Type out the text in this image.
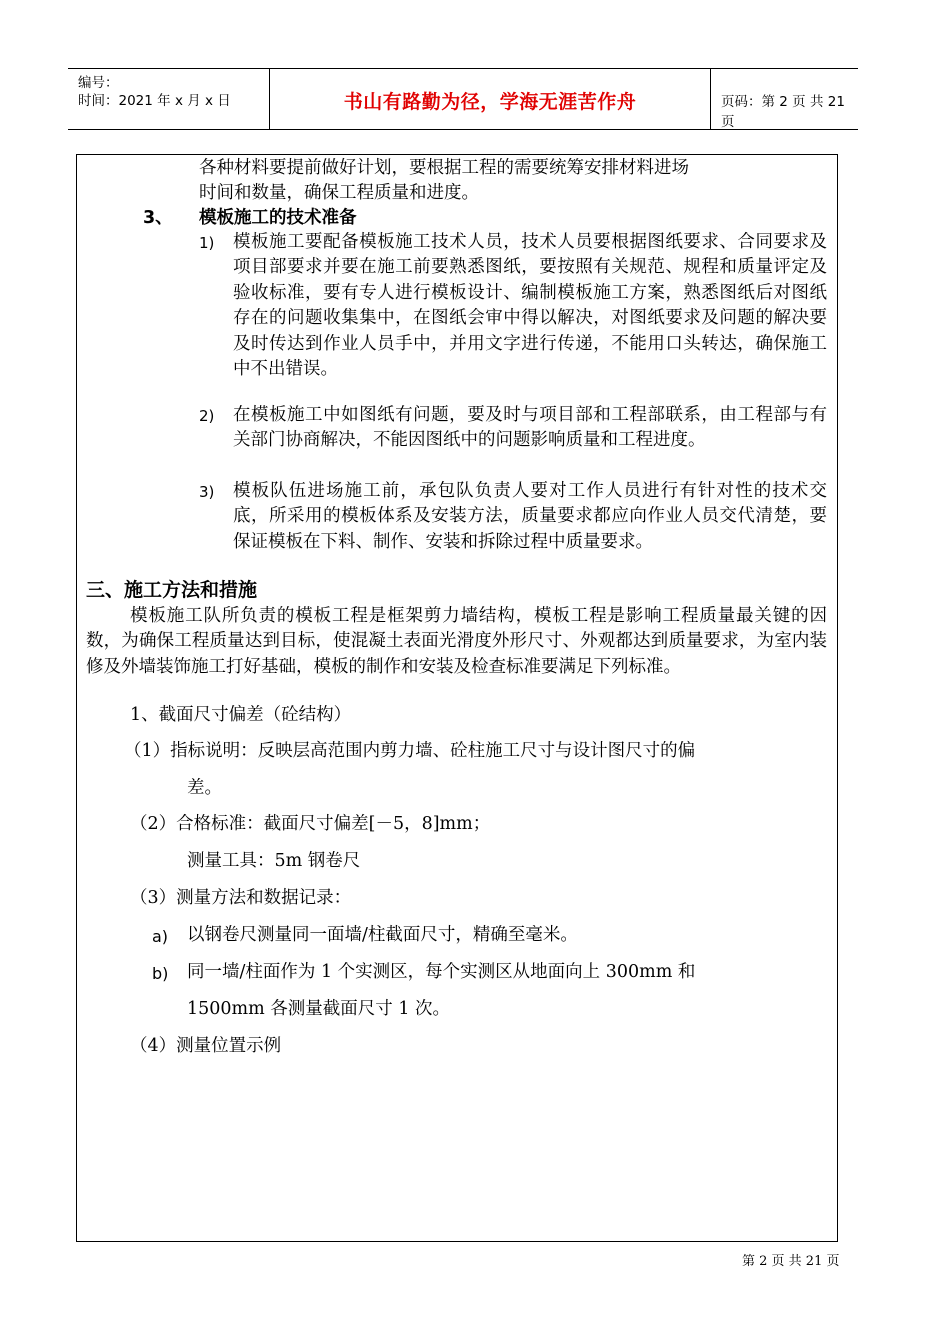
编号：
时间：2021 年 x 月 x 日	书山有路勤为径，学海无涯苦作舟	页码：第 2 页 共 21 页
各种材料要提前做好计划，要根据工程的需要统筹安排材料进场
时间和数量，确保工程质量和进度。
3、 模板施工的技术准备
1) 模板施工要配备模板施工技术人员，技术人员要根据图纸要求、合同要求及项目部要求并要在施工前要熟悉图纸，要按照有关规范、规程和质量评定及验收标准，要有专人进行模板设计、编制模板施工方案，熟悉图纸后对图纸存在的问题收集集中，在图纸会审中得以解决，对图纸要求及问题的解决要及时传达到作业人员手中，并用文字进行传递，不能用口头转达，确保施工中不出错误。
2) 在模板施工中如图纸有问题，要及时与项目部和工程部联系，由工程部与有关部门协商解决，不能因图纸中的问题影响质量和工程进度。
3) 模板队伍进场施工前，承包队负责人要对工作人员进行有针对性的技术交底，所采用的模板体系及安装方法，质量要求都应向作业人员交代清楚，要保证模板在下料、制作、安装和拆除过程中质量要求。
三、施工方法和措施
模板施工队所负责的模板工程是框架剪力墙结构，模板工程是影响工程质量最关键的因数，为确保工程质量达到目标，使混凝土表面光滑度外形尺寸、外观都达到质量要求，为室内装修及外墙装饰施工打好基础，模板的制作和安装及检查标准要满足下列标准。
1、截面尺寸偏差（砼结构）
（1）指标说明：反映层高范围内剪力墙、砼柱施工尺寸与设计图尺寸的偏
差。
（2）合格标准：截面尺寸偏差[－5，8]mm；
测量工具：5m 钢卷尺
（3）测量方法和数据记录：
a) 以钢卷尺测量同一面墙/柱截面尺寸，精确至毫米。
b) 同一墙/柱面作为 1 个实测区，每个实测区从地面向上 300mm 和
1500mm 各测量截面尺寸 1 次。
（4）测量位置示例
第 2 页 共 21 页
